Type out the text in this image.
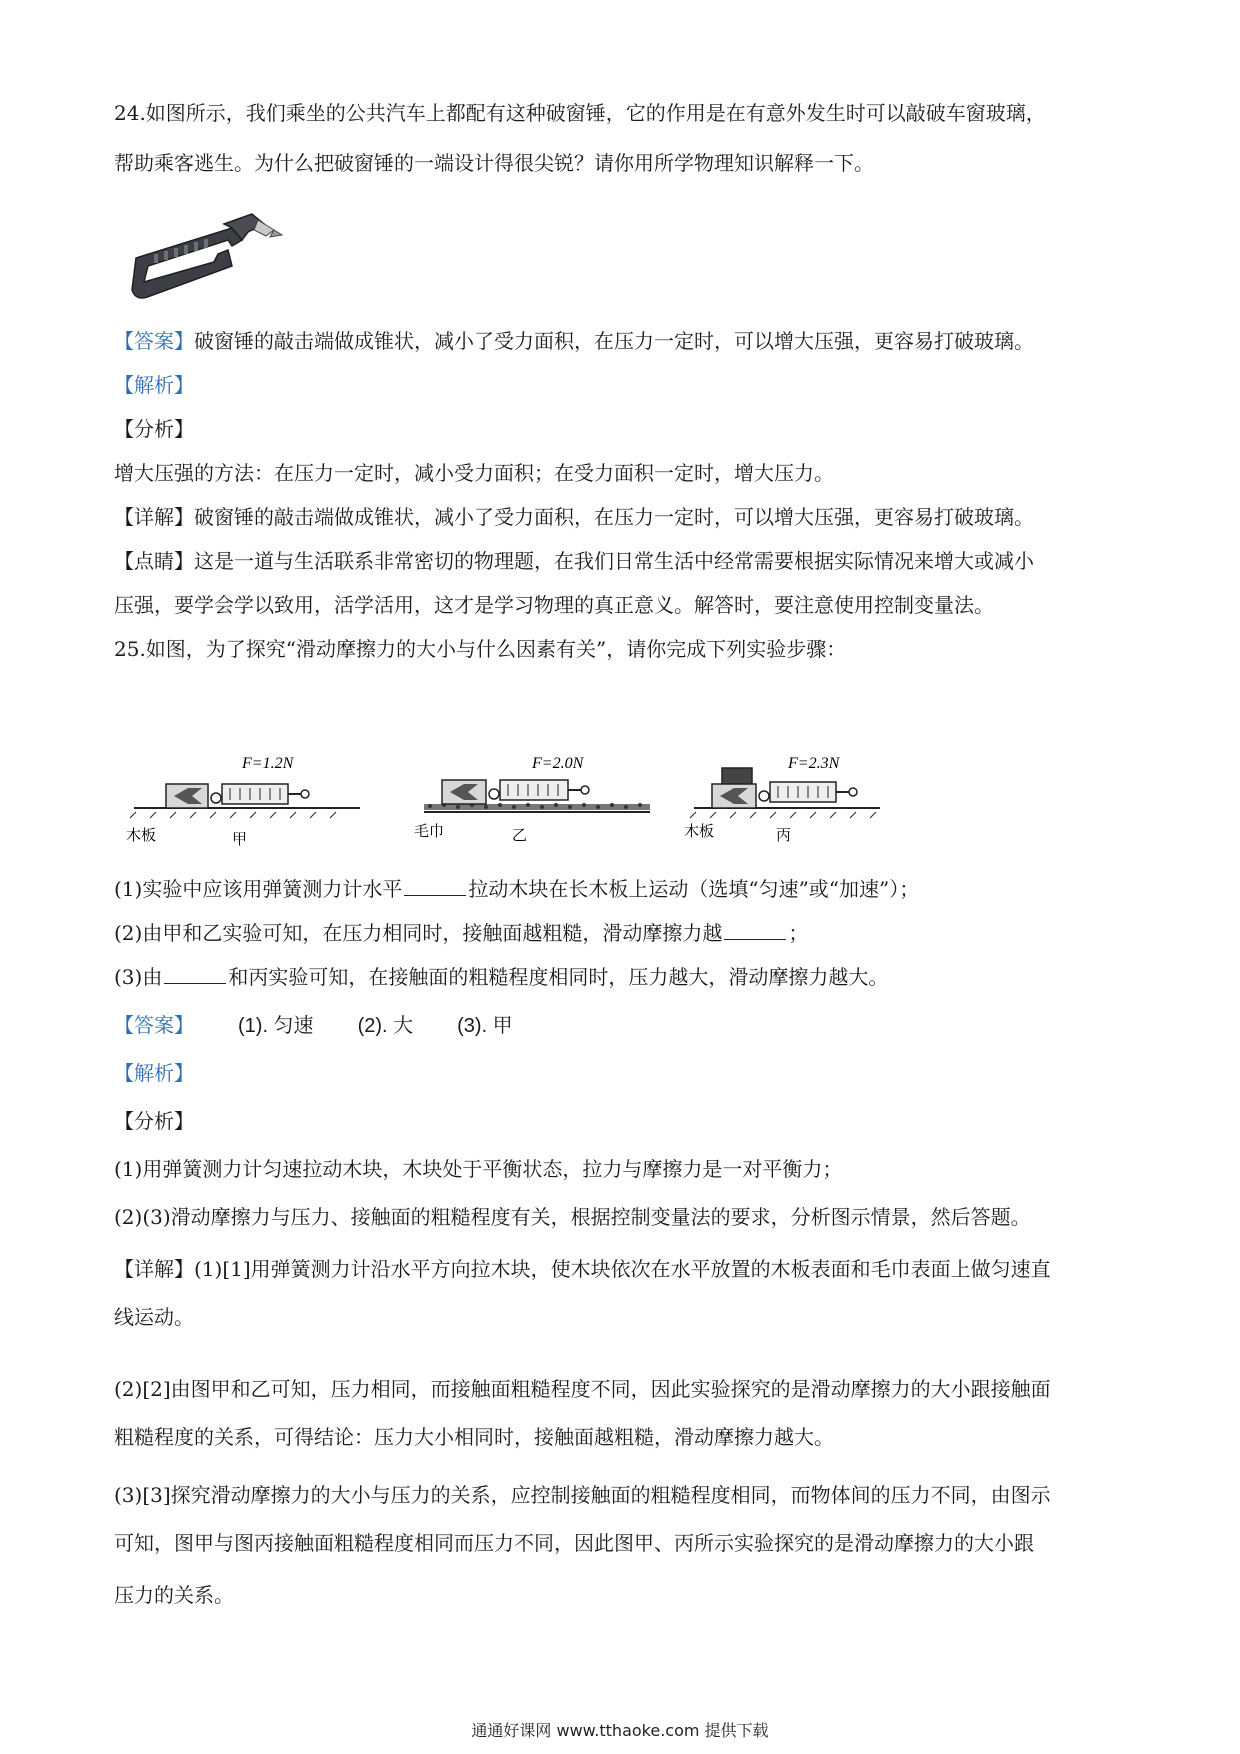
24.如图所示，我们乘坐的公共汽车上都配有这种破窗锤，它的作用是在有意外发生时可以敲破车窗玻璃，
帮助乘客逃生。为什么把破窗锤的一端设计得很尖锐？请你用所学物理知识解释一下。
【答案】破窗锤的敲击端做成锥状，减小了受力面积，在压力一定时，可以增大压强，更容易打破玻璃。
【解析】
【分析】
增大压强的方法：在压力一定时，减小受力面积；在受力面积一定时，增大压力。
【详解】破窗锤的敲击端做成锥状，减小了受力面积，在压力一定时，可以增大压强，更容易打破玻璃。
【点睛】这是一道与生活联系非常密切的物理题，在我们日常生活中经常需要根据实际情况来增大或减小
压强，要学会学以致用，活学活用，这才是学习物理的真正意义。解答时，要注意使用控制变量法。
25.如图，为了探究“滑动摩擦力的大小与什么因素有关”，请你完成下列实验步骤：
F=1.2N
木板	甲
F=2.0N
毛巾	乙
F=2.3N
木板	丙
(1)实验中应该用弹簧测力计水平	拉动木块在长木板上运动（选填“匀速”或“加速”）；
(2)由甲和乙实验可知，在压力相同时，接触面越粗糙，滑动摩擦力越	；
(3)由	和丙实验可知，在接触面的粗糙程度相同时，压力越大，滑动摩擦力越大。
【答案】 (1). 匀速 (2). 大 (3). 甲
【解析】
【分析】
(1)用弹簧测力计匀速拉动木块，木块处于平衡状态，拉力与摩擦力是一对平衡力；
(2)(3)滑动摩擦力与压力、接触面的粗糙程度有关，根据控制变量法的要求，分析图示情景，然后答题。
【详解】(1)[1]用弹簧测力计沿水平方向拉木块，使木块依次在水平放置的木板表面和毛巾表面上做匀速直
线运动。
(2)[2]由图甲和乙可知，压力相同，而接触面粗糙程度不同，因此实验探究的是滑动摩擦力的大小跟接触面
粗糙程度的关系，可得结论：压力大小相同时，接触面越粗糙，滑动摩擦力越大。
(3)[3]探究滑动摩擦力的大小与压力的关系，应控制接触面的粗糙程度相同，而物体间的压力不同，由图示
可知，图甲与图丙接触面粗糙程度相同而压力不同，因此图甲、丙所示实验探究的是滑动摩擦力的大小跟
压力的关系。
通通好课网 www.tthaoke.com 提供下载
